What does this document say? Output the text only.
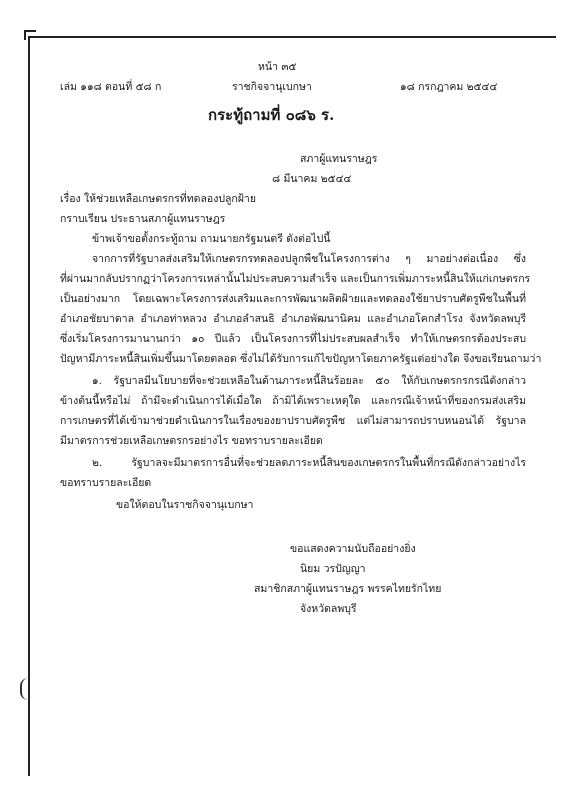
หน้า ๓๕
เล่ม ๑๑๘ ตอนที่ ๕๘ ก	ราชกิจจานุเบกษา	๑๘ กรกฎาคม ๒๕๔๔
กระทู้ถามที่ ๐๘๖ ร.
สภาผู้แทนราษฎร
๘ มีนาคม ๒๕๔๔
เรื่อง ให้ช่วยเหลือเกษตรกรที่ทดลองปลูกฝ้าย
กราบเรียน ประธานสภาผู้แทนราษฎร
ข้าพเจ้าขอตั้งกระทู้ถาม ถามนายกรัฐมนตรี ดังต่อไปนี้
จากการที่รัฐบาลส่งเสริมให้เกษตรกรทดลองปลูกพืชในโครงการต่าง ๆ มาอย่างต่อเนื่อง ซึ่ง
ที่ผ่านมากลับปรากฏว่าโครงการเหล่านั้นไม่ประสบความสำเร็จ และเป็นการเพิ่มภาระหนี้สินให้แก่เกษตรกร
เป็นอย่างมาก โดยเฉพาะโครงการส่งเสริมและการพัฒนาผลิตฝ้ายและทดลองใช้ยาปราบศัตรูพืชในพื้นที่
อำเภอชัยบาดาล อำเภอท่าหลวง อำเภอลำสนธิ อำเภอพัฒนานิคม และอำเภอโคกสำโรง จังหวัดลพบุรี
ซึ่งเริ่มโครงการมานานกว่า ๑๐ ปีแล้ว เป็นโครงการที่ไม่ประสบผลสำเร็จ ทำให้เกษตรกรต้องประสบ
ปัญหามีภาระหนี้สินเพิ่มขึ้นมาโดยตลอด ซึ่งไม่ได้รับการแก้ไขปัญหาโดยภาครัฐแต่อย่างใด จึงขอเรียนถามว่า
๑. รัฐบาลมีนโยบายที่จะช่วยเหลือในด้านภาระหนี้สินร้อยละ ๕๐ ให้กับเกษตรกรกรณีดังกล่าว
ข้างต้นนี้หรือไม่ ถ้ามีจะดำเนินการได้เมื่อใด ถ้ามิได้เพราะเหตุใด และกรณีเจ้าหน้าที่ของกรมส่งเสริม
การเกษตรที่ได้เข้ามาช่วยดำเนินการในเรื่องของยาปราบศัตรูพืช แต่ไม่สามารถปราบหนอนได้ รัฐบาล
มีมาตรการช่วยเหลือเกษตรกรอย่างไร ขอทราบรายละเอียด
๒. รัฐบาลจะมีมาตรการอื่นที่จะช่วยลดภาระหนี้สินของเกษตรกรในพื้นที่กรณีดังกล่าวอย่างไร
ขอทราบรายละเอียด
ขอให้ตอบในราชกิจจานุเบกษา
ขอแสดงความนับถืออย่างยิ่ง
นิยม วรปัญญา
สมาชิกสภาผู้แทนราษฎร พรรคไทยรักไทย
จังหวัดลพบุรี
